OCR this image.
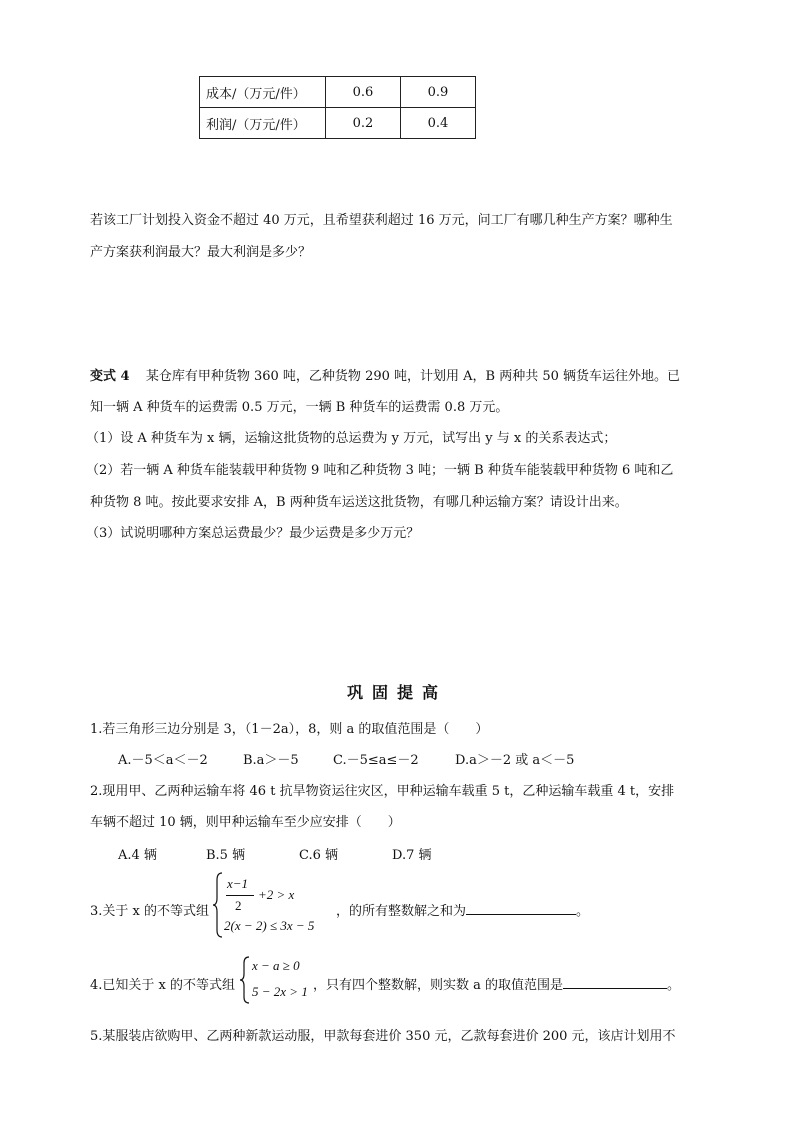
成本/（万元/件）	0.6	0.9
利润/（万元/件）	0.2	0.4
若该工厂计划投入资金不超过 40 万元，且希望获利超过 16 万元，问工厂有哪几种生产方案？哪种生
产方案获利润最大？最大利润是多少？
变式 4 某仓库有甲种货物 360 吨，乙种货物 290 吨，计划用 A，B 两种共 50 辆货车运往外地。已
知一辆 A 种货车的运费需 0.5 万元，一辆 B 种货车的运费需 0.8 万元。
（1）设 A 种货车为 x 辆，运输这批货物的总运费为 y 万元，试写出 y 与 x 的关系表达式；
（2）若一辆 A 种货车能装载甲种货物 9 吨和乙种货物 3 吨；一辆 B 种货车能装载甲种货物 6 吨和乙
种货物 8 吨。按此要求安排 A，B 两种货车运送这批货物，有哪几种运输方案？请设计出来。
（3）试说明哪种方案总运费最少？最少运费是多少万元？
巩固提高
1.若三角形三边分别是 3，（1－2a），8，则 a 的取值范围是（　　）
A.－5＜a＜－2	B.a＞－5	C.－5≤a≤－2	D.a＞－2 或 a＜－5
2.现用甲、乙两种运输车将 46 t 抗旱物资运往灾区，甲种运输车载重 5 t，乙种运输车载重 4 t，安排
车辆不超过 10 辆，则甲种运输车至少应安排（　　）
A.4 辆	B.5 辆	C.6 辆	D.7 辆
3.关于 x 的不等式组
x−1
2
+2 > x
2(x − 2) ≤ 3x − 5
，的所有整数解之和为	。
4.已知关于 x 的不等式组
x − a ≥ 0
5 − 2x > 1 ，只有四个整数解，则实数 a 的取值范围是	。
5.某服装店欲购甲、乙两种新款运动服，甲款每套进价 350 元，乙款每套进价 200 元，该店计划用不
